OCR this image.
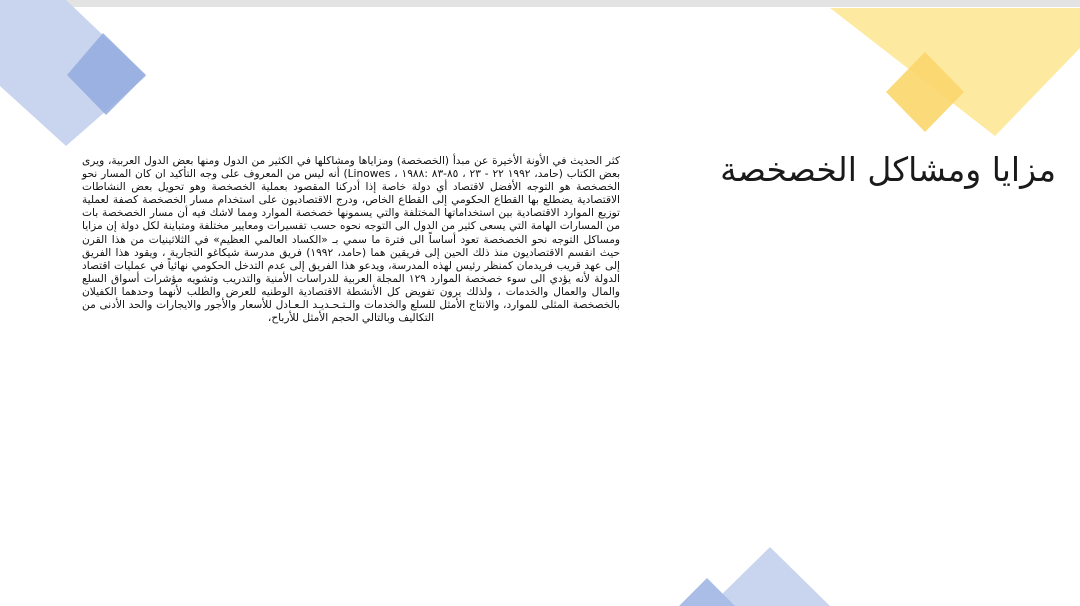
مزايا ومشاكل الخصخصة

كثر الحديث في الأونة الأخيرة عن مبدأ (الخصخصة) ومزاياها ومشاكلها في الكثير من الدول ومنها بعض الدول العربية، ويرى بعض الكتاب (حامد، ١٩٩٢ ٢٢ - ٢٣ ، ٨٥-٨٣ :١٩٨٨ ، Linowes) أنه ليس من المعروف على وجه التأكيد ان كان المسار نحو الخصخصة هو التوجه الأفضل لاقتصاد أي دولة خاصة إذا أدركنا المقصود بعملية الخصخصة وهو تحويل بعض النشاطات الاقتصادية يضطلع بها القطاع الحكومي إلى القطاع الخاص، ودرج الاقتصاديون على استخدام مسار الخصخصة كصفة لعملية توزيع الموارد الاقتصادية بين استخداماتها المختلفة والتي يسمونها خصخصة الموارد ومما لاشك فيه أن مسار الخصخصة بات من المسارات الهامة التي يسعى كثير من الدول الى التوجه نحوه حسب تفسيرات ومعايير مختلفة ومتباينة لكل دولة إن مزايا ومساكل التوجه نحو الخصخصة تعود أساساً الى فترة ما سمي بـ «الكساد العالمي العظيم» في الثلاثينيات من هذا القرن حيث انقسم الاقتصاديون منذ ذلك الحين إلى فريقين هما (حامد، ١٩٩٢) فريق مدرسة شيكاغو التجارية ، ويقود هذا الفريق إلى عهد قريب فريدمان كمنظر رئيس لهذه المدرسة، ويدعو هذا الفريق إلى عدم التدخل الحكومي نهائياً في عمليات اقتصاد الدولة لأنه يؤدي الى سوء خصخصة الموارد ١٢٩ المجلة العربية للدراسات الأمنية والتدريب وتشويه مؤشرات أسواق السلع والمال والعمال والخدمات ، ولذلك يرون تفويض كل الأنشطة الاقتصادية الوطنيه للعرض والطلب لأنهما وحدهما الكفيلان بالخصخصة المثلى للموارد، والانتاج الأمثل للسلع والخدمات والـتـحـديـد الـعـادل للأسعار والأجور والايجارات والحد الأدنى من التكاليف وبالتالي الحجم الأمثل للأرباح،
